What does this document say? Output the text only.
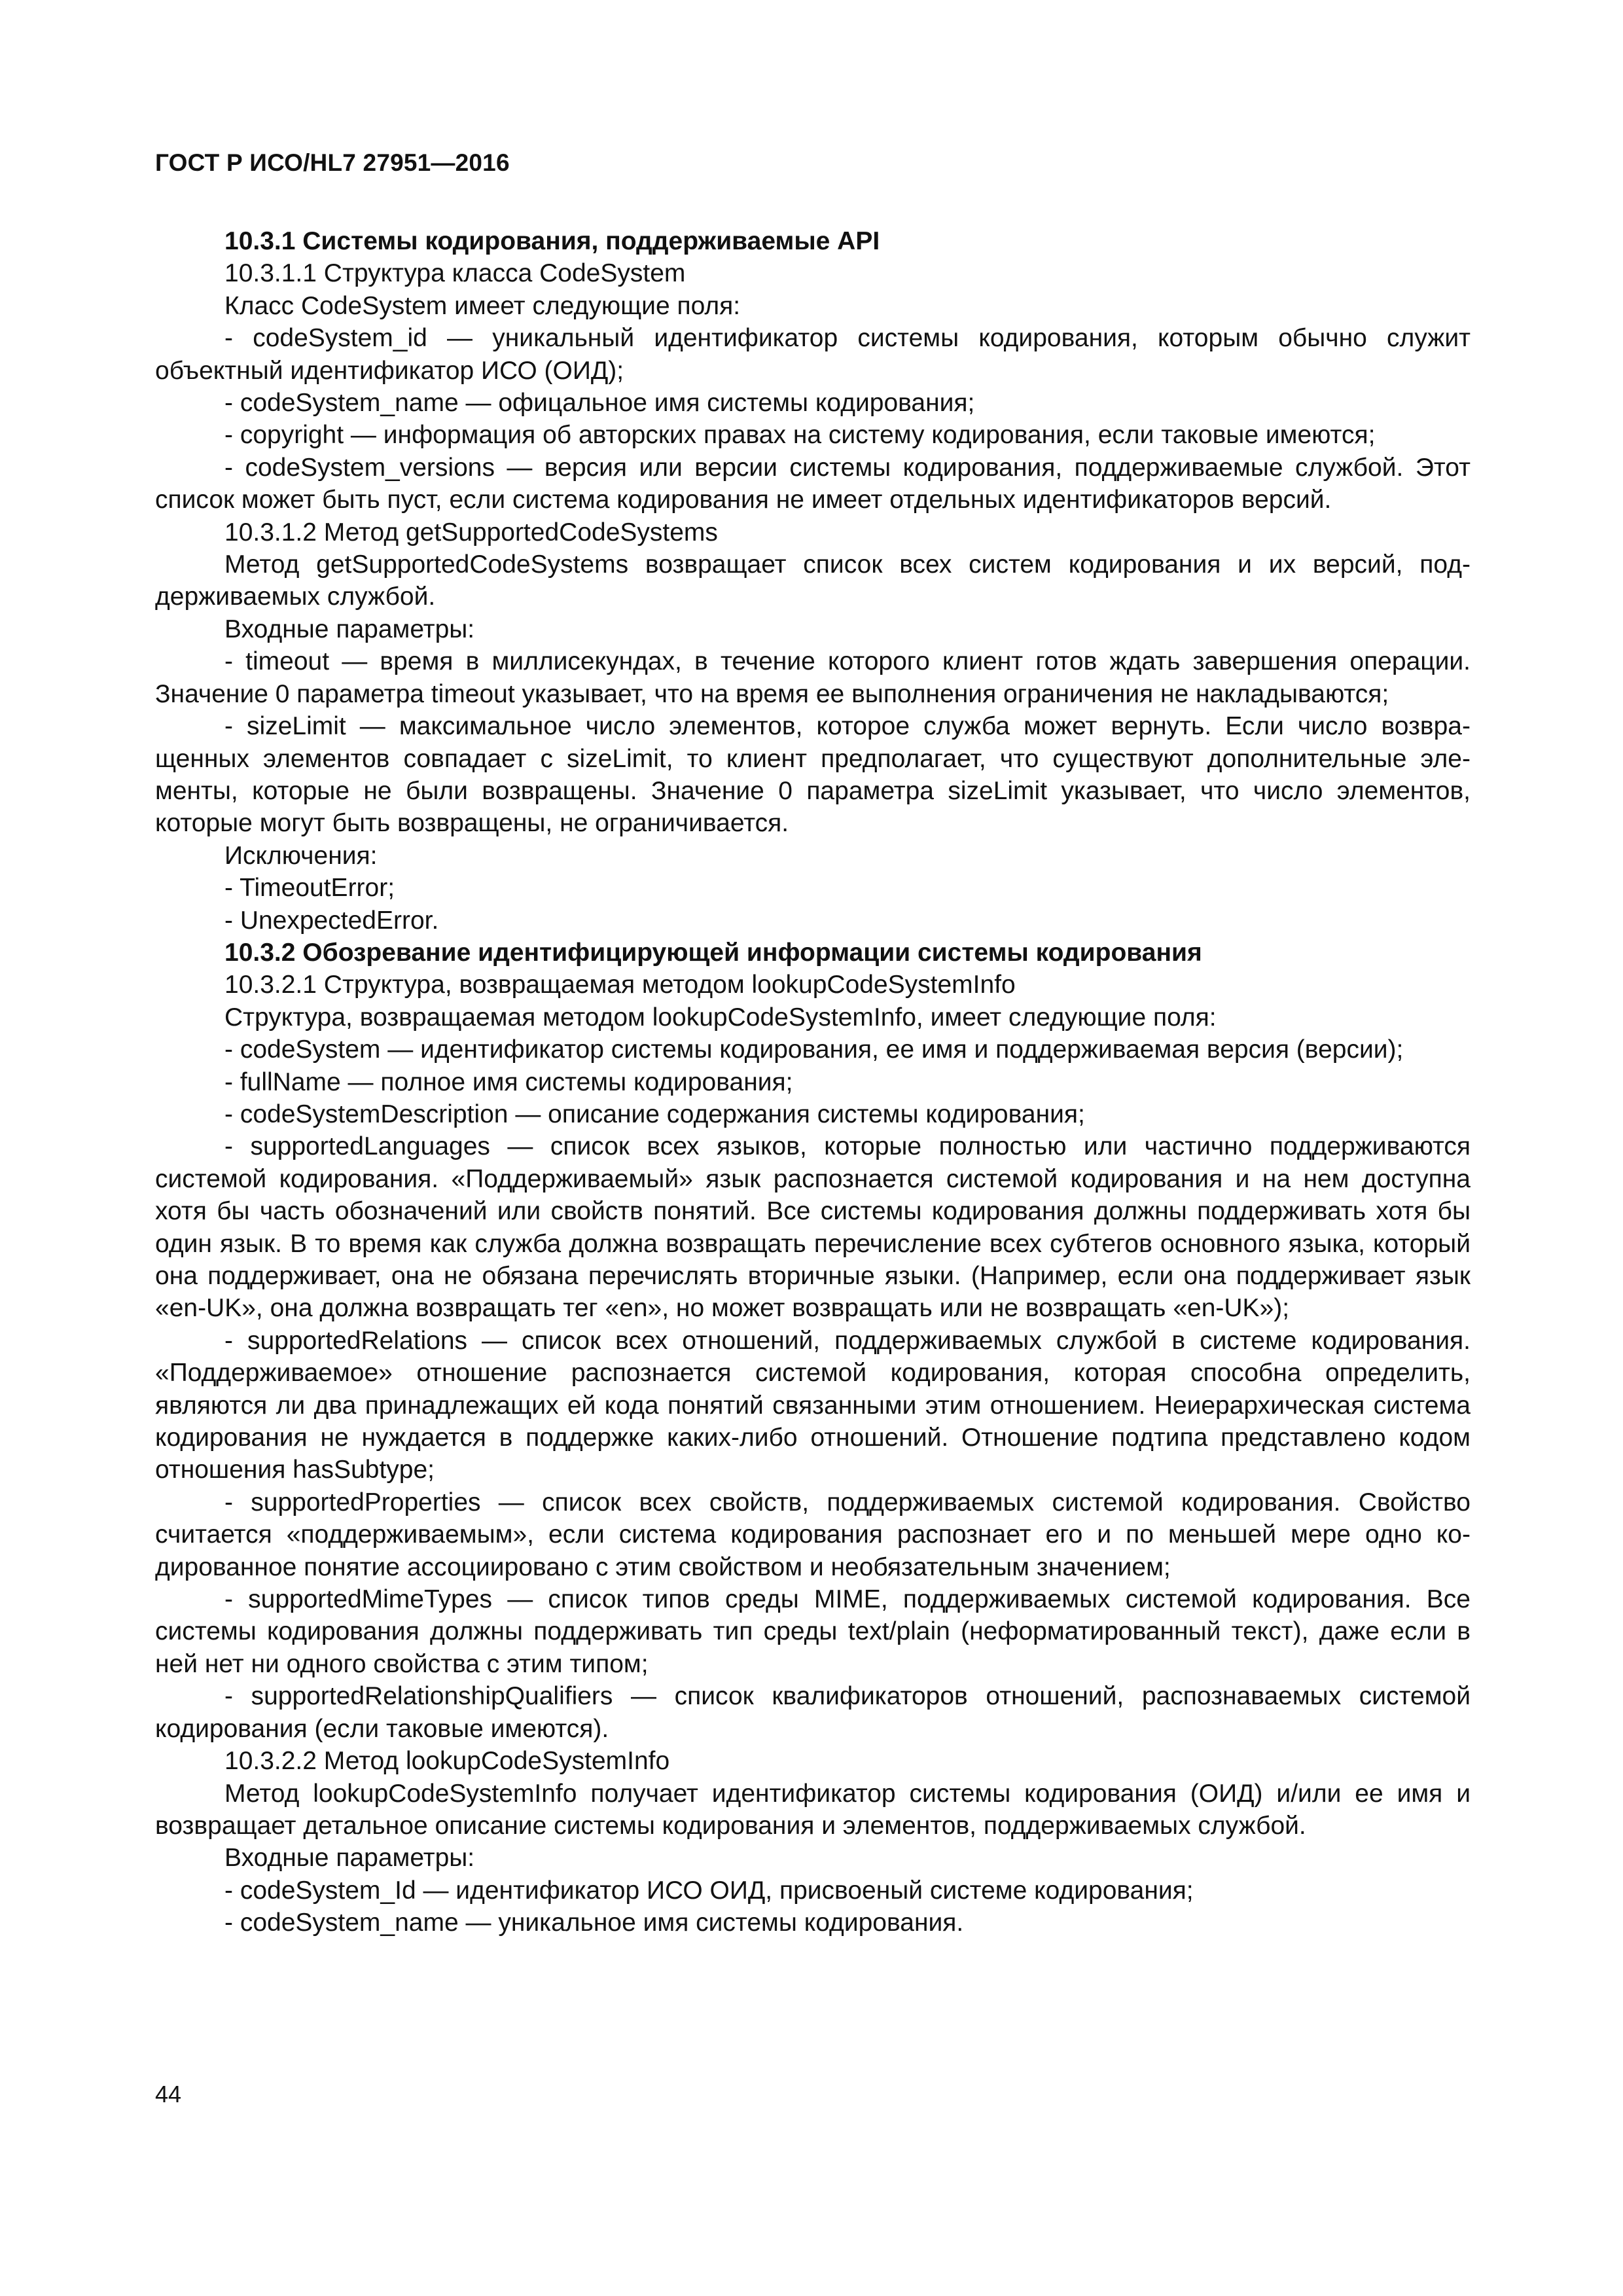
ГОСТ Р ИСО/HL7 27951—2016

10.3.1 Системы кодирования, поддерживаемые API

10.3.1.1 Структура класса CodeSystem

Класс CodeSystem имеет следующие поля:

- codeSystem_id — уникальный идентификатор системы кодирования, которым обычно служит объектный идентификатор ИСО (ОИД);

- codeSystem_name — офицальное имя системы кодирования;

- copyright — информация об авторских правах на систему кодирования, если таковые имеются;

- codeSystem_versions — версия или версии системы кодирования, поддерживаемые службой. Этот список может быть пуст, если система кодирования не имеет отдельных идентификаторов версий.

10.3.1.2 Метод getSupportedCodeSystems

Метод getSupportedCodeSystems возвращает список всех систем кодирования и их версий, поддерживаемых службой.

Входные параметры:

- timeout — время в миллисекундах, в течение которого клиент готов ждать завершения операции. Значение 0 параметра timeout указывает, что на время ее выполнения ограничения не накладываются;

- sizeLimit — максимальное число элементов, которое служба может вернуть. Если число возвращенных элементов совпадает с sizeLimit, то клиент предполагает, что существуют дополнительные элементы, которые не были возвращены. Значение 0 параметра sizeLimit указывает, что число элементов, которые могут быть возвращены, не ограничивается.

Исключения:

- TimeoutError;

- UnexpectedError.

10.3.2 Обозревание идентифицирующей информации системы кодирования

10.3.2.1 Структура, возвращаемая методом lookupCodeSystemInfo

Структура, возвращаемая методом lookupCodeSystemInfo, имеет следующие поля:

- codeSystem — идентификатор системы кодирования, ее имя и поддерживаемая версия (версии);

- fullName — полное имя системы кодирования;

- codeSystemDescription — описание содержания системы кодирования;

- supportedLanguages — список всех языков, которые полностью или частично поддерживаются системой кодирования. «Поддерживаемый» язык распознается системой кодирования и на нем доступна хотя бы часть обозначений или свойств понятий. Все системы кодирования должны поддерживать хотя бы один язык. В то время как служба должна возвращать перечисление всех субтегов основного языка, который она поддерживает, она не обязана перечислять вторичные языки. (Например, если она поддерживает язык «en-UK», она должна возвращать тег «en», но может возвращать или не возвращать «en-UK»);

- supportedRelations — список всех отношений, поддерживаемых службой в системе кодирования. «Поддерживаемое» отношение распознается системой кодирования, которая способна определить, являются ли два принадлежащих ей кода понятий связанными этим отношением. Неиерархическая система кодирования не нуждается в поддержке каких-либо отношений. Отношение подтипа представлено кодом отношения hasSubtype;

- supportedProperties — список всех свойств, поддерживаемых системой кодирования. Свойство считается «поддерживаемым», если система кодирования распознает его и по меньшей мере одно кодированное понятие ассоциировано с этим свойством и необязательным значением;

- supportedMimeTypes — список типов среды MIME, поддерживаемых системой кодирования. Все системы кодирования должны поддерживать тип среды text/plain (неформатированный текст), даже если в ней нет ни одного свойства с этим типом;

- supportedRelationshipQualifiers — список квалификаторов отношений, распознаваемых системой кодирования (если таковые имеются).

10.3.2.2 Метод lookupCodeSystemInfo

Метод lookupCodeSystemInfo получает идентификатор системы кодирования (ОИД) и/или ее имя и возвращает детальное описание системы кодирования и элементов, поддерживаемых службой.

Входные параметры:

- codeSystem_Id — идентификатор ИСО ОИД, присвоеный системе кодирования;

- codeSystem_name — уникальное имя системы кодирования.

44
